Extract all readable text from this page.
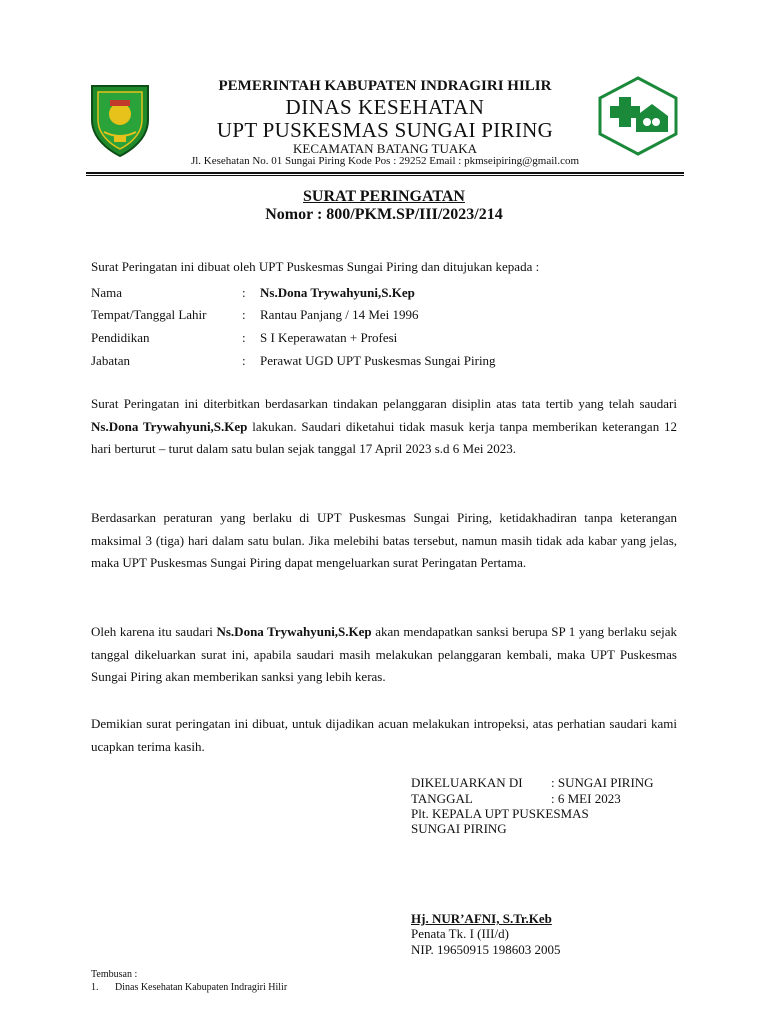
PEMERINTAH KABUPATEN INDRAGIRI HILIR
DINAS KESEHATAN
UPT PUSKESMAS SUNGAI PIRING
KECAMATAN BATANG TUAKA
Jl. Kesehatan No. 01 Sungai Piring Kode Pos : 29252 Email : pkmseipiring@gmail.com
SURAT PERINGATAN
Nomor : 800/PKM.SP/III/2023/214
Surat Peringatan ini dibuat oleh UPT Puskesmas Sungai Piring dan ditujukan kepada :
Nama	: Ns.Dona Trywahyuni,S.Kep
Tempat/Tanggal Lahir	: Rantau Panjang / 14 Mei 1996
Pendidikan	: S I Keperawatan + Profesi
Jabatan	: Perawat UGD UPT Puskesmas Sungai Piring
Surat Peringatan ini diterbitkan berdasarkan tindakan pelanggaran disiplin atas tata tertib yang telah saudari Ns.Dona Trywahyuni,S.Kep lakukan. Saudari diketahui tidak masuk kerja tanpa memberikan keterangan 12 hari berturut – turut dalam satu bulan sejak tanggal 17 April 2023 s.d 6 Mei 2023.
Berdasarkan peraturan yang berlaku di UPT Puskesmas Sungai Piring, ketidakhadiran tanpa keterangan maksimal 3 (tiga) hari dalam satu bulan. Jika melebihi batas tersebut, namun masih tidak ada kabar yang jelas, maka UPT Puskesmas Sungai Piring dapat mengeluarkan surat Peringatan Pertama.
Oleh karena itu saudari Ns.Dona Trywahyuni,S.Kep akan mendapatkan sanksi berupa SP 1 yang berlaku sejak tanggal dikeluarkan surat ini, apabila saudari masih melakukan pelanggaran kembali, maka UPT Puskesmas Sungai Piring akan memberikan sanksi yang lebih keras.
Demikian surat peringatan ini dibuat, untuk dijadikan acuan melakukan intropeksi, atas perhatian saudari kami ucapkan terima kasih.
DIKELUARKAN DI : SUNGAI PIRING
TANGGAL	: 6 MEI 2023
Plt. KEPALA UPT PUSKESMAS
SUNGAI PIRING
Hj. NUR’AFNI, S.Tr.Keb
Penata Tk. I (III/d)
NIP. 19650915 198603 2005
Tembusan :
1. Dinas Kesehatan Kabupaten Indragiri Hilir
